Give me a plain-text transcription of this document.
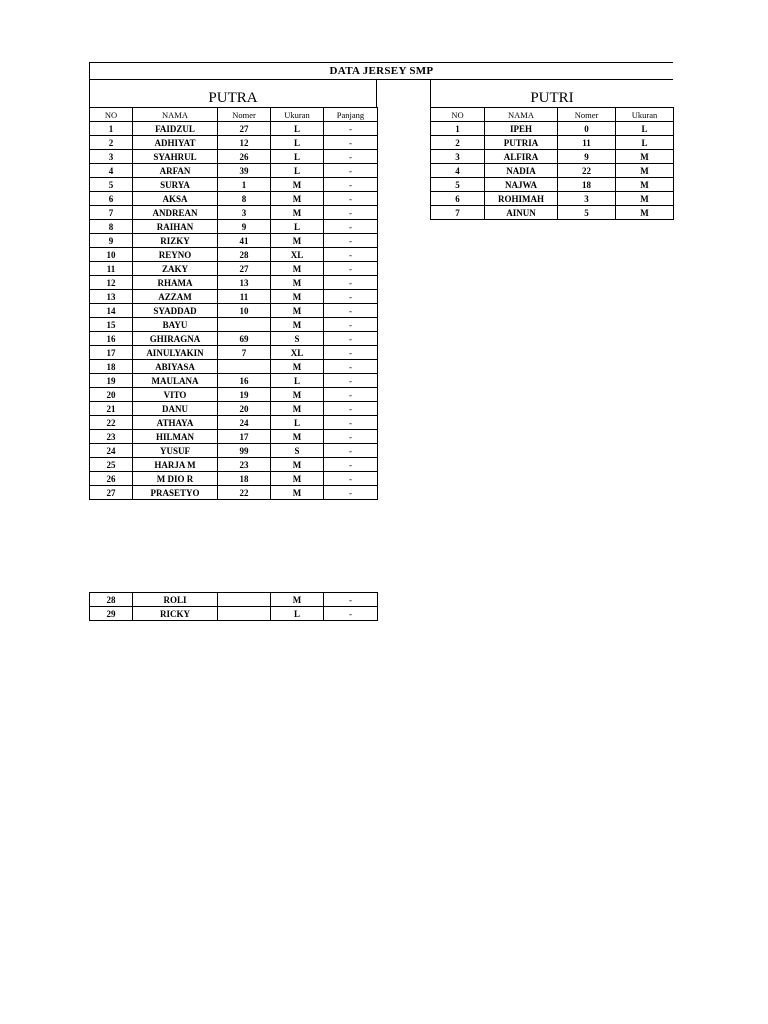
DATA JERSEY SMP
PUTRA	PUTRI
NO	NAMA	Nomer	Ukuran	Panjang
1	FAIDZUL	27	L	-
2	ADHIYAT	12	L	-
3	SYAHRUL	26	L	-
4	ARFAN	39	L	-
5	SURYA	1	M	-
6	AKSA	8	M	-
7	ANDREAN	3	M	-
8	RAIHAN	9	L	-
9	RIZKY	41	M	-
10	REYNO	28	XL	-
11	ZAKY	27	M	-
12	RHAMA	13	M	-
13	AZZAM	11	M	-
14	SYADDAD	10	M	-
15	BAYU		M	-
16	GHIRAGNA	69	S	-
17	AINULYAKIN	7	XL	-
18	ABIYASA		M	-
19	MAULANA	16	L	-
20	VITO	19	M	-
21	DANU	20	M	-
22	ATHAYA	24	L	-
23	HILMAN	17	M	-
24	YUSUF	99	S	-
25	HARJA M	23	M	-
26	M DIO R	18	M	-
27	PRASETYO	22	M	-
NO	NAMA	Nomer	Ukuran
1	IPEH	0	L
2	PUTRIA	11	L
3	ALFIRA	9	M
4	NADIA	22	M
5	NAJWA	18	M
6	ROHIMAH	3	M
7	AINUN	5	M
28	ROLI		M	-
29	RICKY		L	-
